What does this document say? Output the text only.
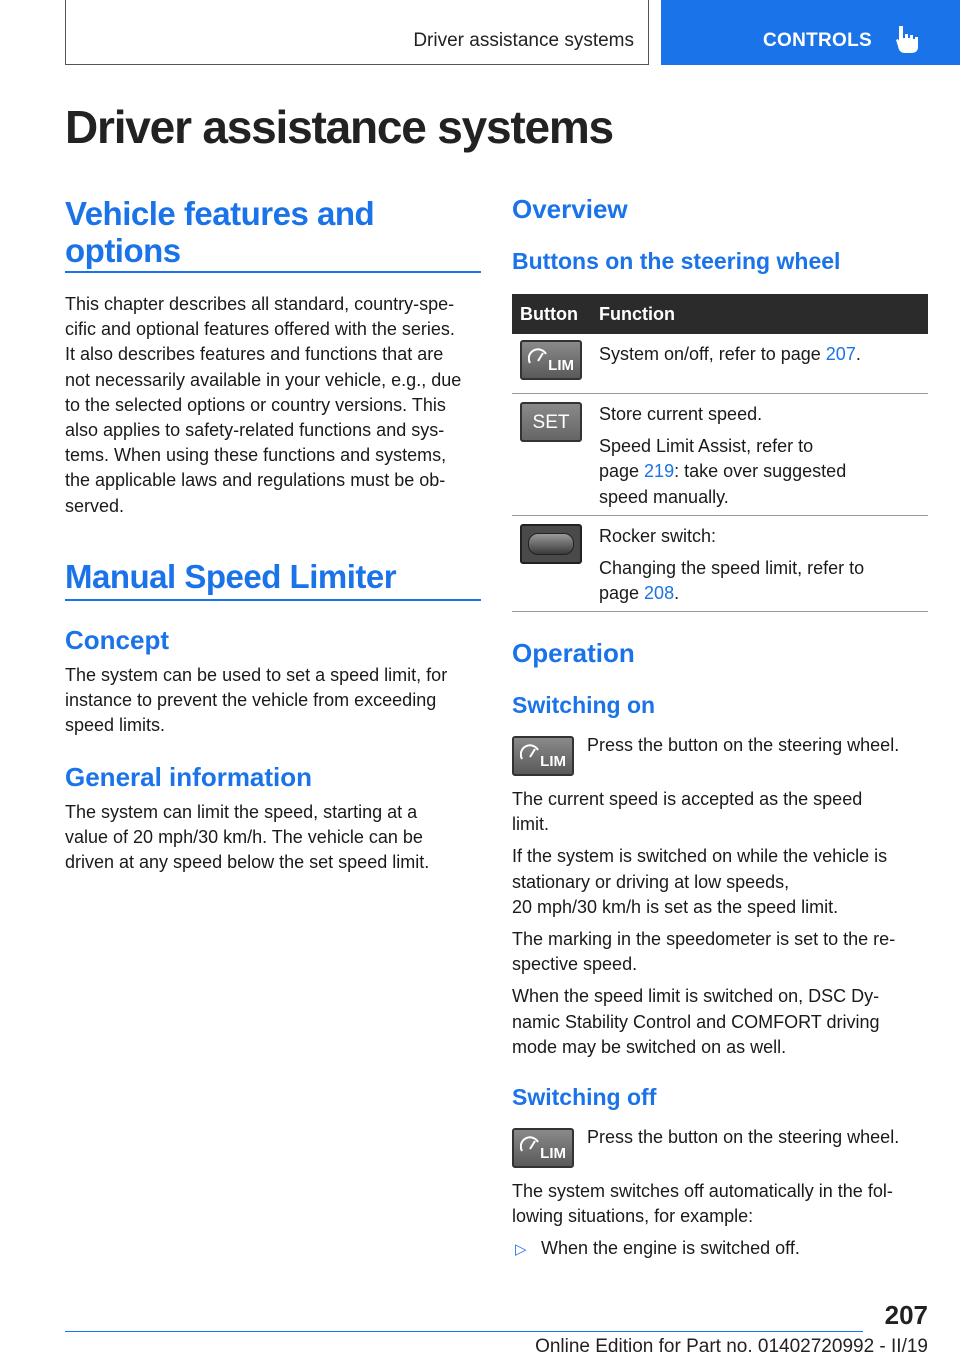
Driver assistance systems	CONTROLS
Driver assistance systems
Vehicle features and options
This chapter describes all standard, country-spe-
cific and optional features offered with the series.
It also describes features and functions that are
not necessarily available in your vehicle, e.g., due
to the selected options or country versions. This
also applies to safety-related functions and sys-
tems. When using these functions and systems,
the applicable laws and regulations must be ob-
served.
Manual Speed Limiter
Concept
The system can be used to set a speed limit, for
instance to prevent the vehicle from exceeding
speed limits.
General information
The system can limit the speed, starting at a
value of 20 mph/30 km/h. The vehicle can be
driven at any speed below the set speed limit.
Overview
Buttons on the steering wheel
Button Function
LIM
System on/off, refer to page 207.
SET	Store current speed.
Speed Limit Assist, refer to
page 219: take over suggested
speed manually.
Rocker switch:
Changing the speed limit, refer to
page 208.
Operation
Switching on
LIM
Press the button on the steering wheel.
The current speed is accepted as the speed
limit.
If the system is switched on while the vehicle is
stationary or driving at low speeds,
20 mph/30 km/h is set as the speed limit.
The marking in the speedometer is set to the re-
spective speed.
When the speed limit is switched on, DSC Dy-
namic Stability Control and COMFORT driving
mode may be switched on as well.
Switching off
LIM
Press the button on the steering wheel.
The system switches off automatically in the fol-
lowing situations, for example:
▷ When the engine is switched off.
207
Online Edition for Part no. 01402720992 - II/19
